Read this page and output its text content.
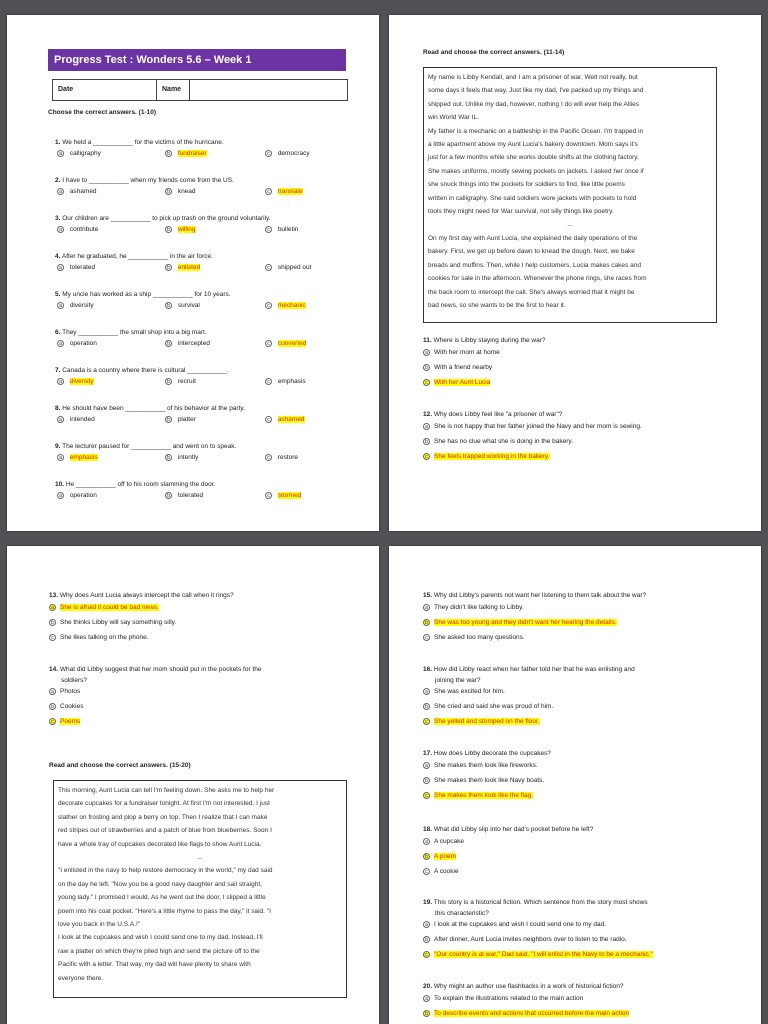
Progress Test : Wonders 5.6 – Week 1
Date	Name
Choose the correct answers. (1-10)
1. We held a ___________ for the victims of the hurricane.
a calligraphy	b fundraiser	c democracy
2. I have to ___________ when my friends come from the US.
a ashamed	b knead	c translate
3. Our children are ___________ to pick up trash on the ground voluntarily.
a contribute	b willing	c bulletin
4. After he graduated, he ___________ in the air force.
a tolerated	b enlisted	c shipped out
5. My uncle has worked as a ship ___________ for 10 years.
a diversity	b survival	c mechanic
6. They ___________ the small shop into a big mart.
a operation	b intercepted	c converted
7. Canada is a country where there is cultural ___________.
a diversity	b recruit	c emphasis
8. He should have been ___________ of his behavior at the party.
a intended	b platter	c ashamed
9. The lecturer paused for ___________ and went on to speak.
a emphasis	b intently	c restore
10. He ___________ off to his room slamming the door.
a operation	b tolerated	c stormed
Read and choose the correct answers. (11-14)

My name is Libby Kendall, and I am a prisoner of war. Welt not really, but

some days it feels that way. Just like my dad, I've packed up my things and

shipped out. Unlike my dad, however, nothing I do will ever help the Allies

win World War IL.

My father is a mechanic on a battleship in the Pacific Ocean. I'm trapped in

a little apartment above my Aunt Lucia's bakery downtown. Mom says it's

just for a few months while she works double shifts at the clothing factory.

She makes uniforms, mostly sewing pockets on jackets. I asked her once if

she snuck things into the pockets for soldiers to find, like little poems

written in calligraphy. She said soldiers wore jackets with pockets to hold

tools they might need for War survival, not silly things like poetry.

...

On my first day with Aunt Lucia, she explained the daily operations of the

bakery. First, we get up before dawn to knead the dough. Next, we bake

breads and muffins. Then, while I help customers, Lucia makes cakes and

cookies for sale in the afternoon. Whenever the phone rings, she races from

the back room to intercept the call. She's always worried that it might be

bad news, so she wants to be the first to hear it.

11. Where is Libby staying during the war?
a With her mom at home
b With a friend nearby
c With her Aunt Lucia
12. Why does Libby feel like "a prisoner of war"?
a She is not happy that her father joined the Navy and her mom is sewing.
b She has no clue what she is doing in the bakery.
c She feels trapped working in the bakery.
13. Why does Aunt Lucia always intercept the call when it rings?
a She is afraid it could be bad news.
b She thinks Libby will say something silly.
c She likes talking on the phone.
14. What did Libby suggest that her mom should put in the pockets for the
soldiers?
a Photos
b Cookies
c Poems
Read and choose the correct answers. (15-20)

This morning, Aunt Lucia can tell I'm feeling down. She asks me to help her

decorate cupcakes for a fundraiser tonight. At first I'm not interested. I just

slather on frosting and plop a berry on top. Then I realize that I can make

red stripes out of strawberries and a patch of blue from blueberries. Soon I

have a whole tray of cupcakes decorated like flags to show Aunt Lucia.

...

"I enlisted in the navy to help restore democracy in the world," my dad said

on the day he left. "Now you be a good navy daughter and sail straight,

young lady." I promised I would. As he went out the door, I slipped a little

poem into his coat pocket. "Here's a little rhyme to pass the day," it said. "I

love you back in the U.S.A.!"

I look at the cupcakes and wish I could send one to my dad. Instead, I'll

raw a platter on which they're piled high and send the picture off to the

Pacific with a letter. That way, my dad will have plenty to share with

everyone there.

15. Why did Libby's parents not want her listening to them talk about the war?
a They didn't like talking to Libby.
b She was too young and they didn't want her hearing the details.
c She asked too many questions.
16. How did Libby react when her father told her that he was enlisting and
joining the war?
a She was excited for him.
b She cried and said she was proud of him.
c She yelled and stomped on the floor.
17. How does Libby decorate the cupcakes?
a She makes them look like fireworks.
b She makes them look like Navy boats.
c She makes them look like the flag.
18. What did Libby slip into her dad's pocket before he left?
a A cupcake
b A poem
c A cookie
19. This story is a historical fiction. Which sentence from the story most shows
this characteristic?
a I look at the cupcakes and wish I could send one to my dad.
b After dinner, Aunt Lucia invites neighbors over to listen to the radio.
c "Our country is at war," Dad said. "I will enlist in the Navy to be a mechanic."
20. Why might an author use flashbacks in a work of historical fiction?
a To explain the illustrations related to the main action
b To describe events and actions that occurred before the main action
